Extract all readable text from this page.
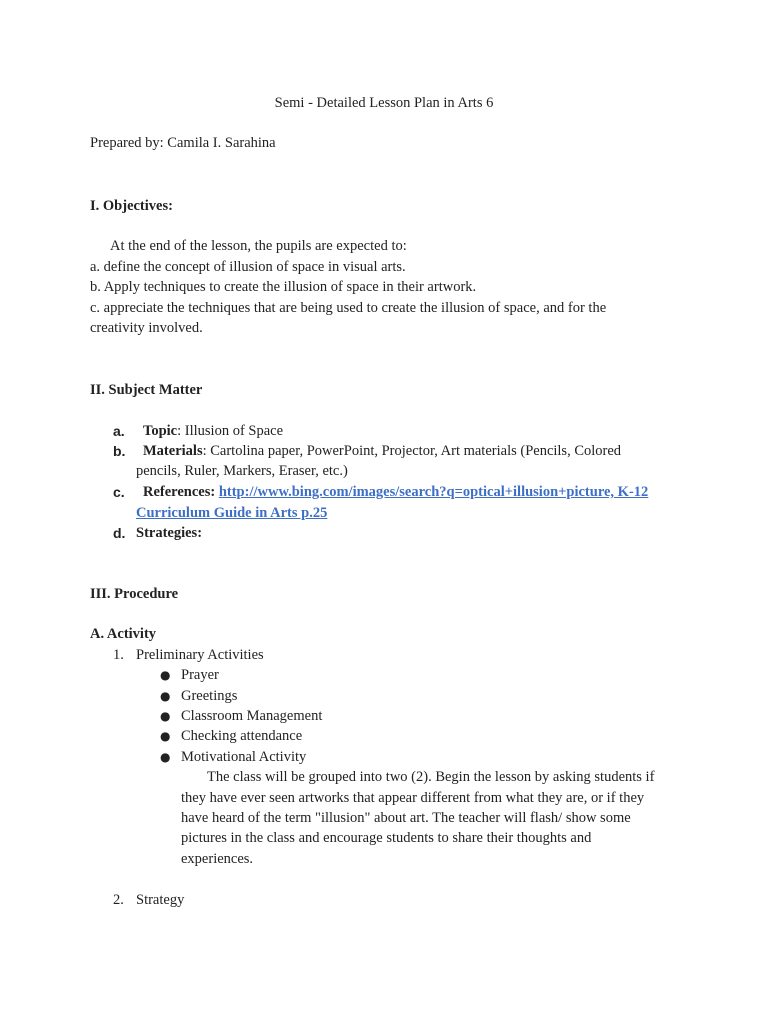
Semi - Detailed Lesson Plan in Arts 6
Prepared by: Camila I. Sarahina
I. Objectives:
At the end of the lesson, the pupils are expected to:
a. define the concept of illusion of space in visual arts.
b. Apply techniques to create the illusion of space in their artwork.
c. appreciate the techniques that are being used to create the illusion of space, and for the
creativity involved.
II. Subject Matter
a. Topic: Illusion of Space
b. Materials: Cartolina paper, PowerPoint, Projector, Art materials (Pencils, Colored
pencils, Ruler, Markers, Eraser, etc.)
c. References: http://www.bing.com/images/search?q=optical+illusion+picture, K-12
Curriculum Guide in Arts p.25
d. Strategies:
III. Procedure
A. Activity
1. Preliminary Activities
● Prayer
● Greetings
● Classroom Management
● Checking attendance
● Motivational Activity
The class will be grouped into two (2). Begin the lesson by asking students if
they have ever seen artworks that appear different from what they are, or if they
have heard of the term "illusion" about art. The teacher will flash/ show some
pictures in the class and encourage students to share their thoughts and
experiences.
2. Strategy
